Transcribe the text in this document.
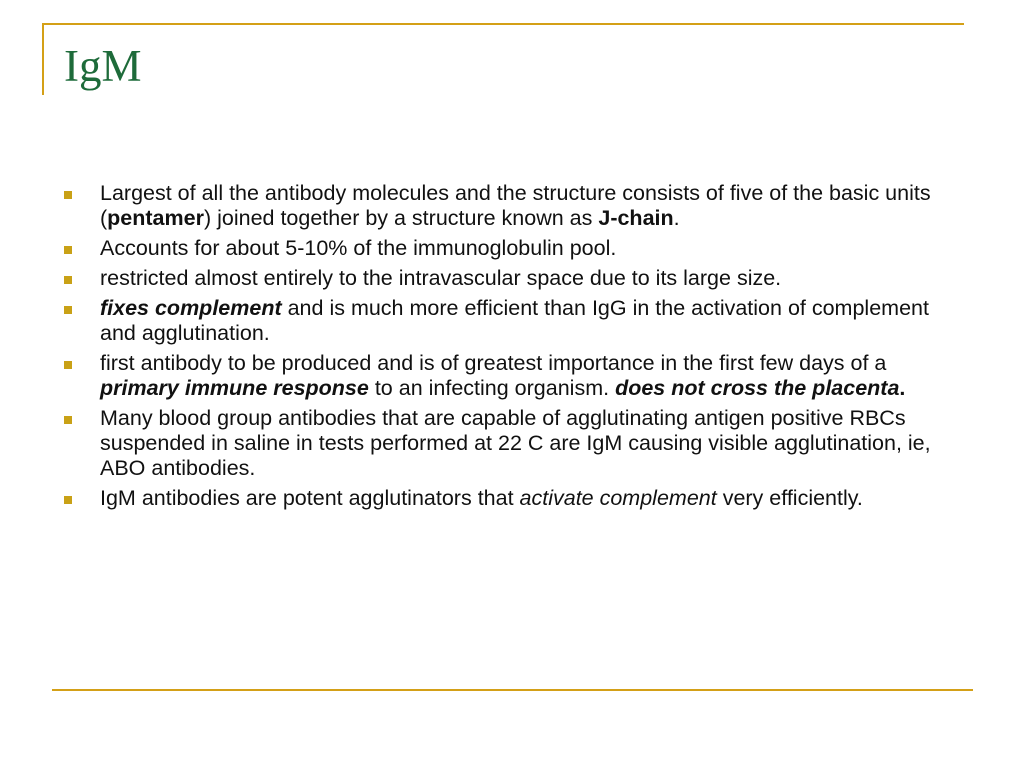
IgM
Largest of all the antibody molecules and the structure consists of five of the basic units (pentamer) joined together by a structure known as J-chain.
Accounts for about 5-10% of the immunoglobulin pool.
restricted almost entirely to the intravascular space due to its large size.
fixes complement and is much more efficient than IgG in the activation of complement and agglutination.
first antibody to be produced and is of greatest importance in the first few days of a primary immune response to an infecting organism. does not cross the placenta.
Many blood group antibodies that are capable of agglutinating antigen positive RBCs suspended in saline in tests performed at 22 C are IgM causing visible agglutination, ie, ABO antibodies.
IgM antibodies are potent agglutinators that activate complement very efficiently.
